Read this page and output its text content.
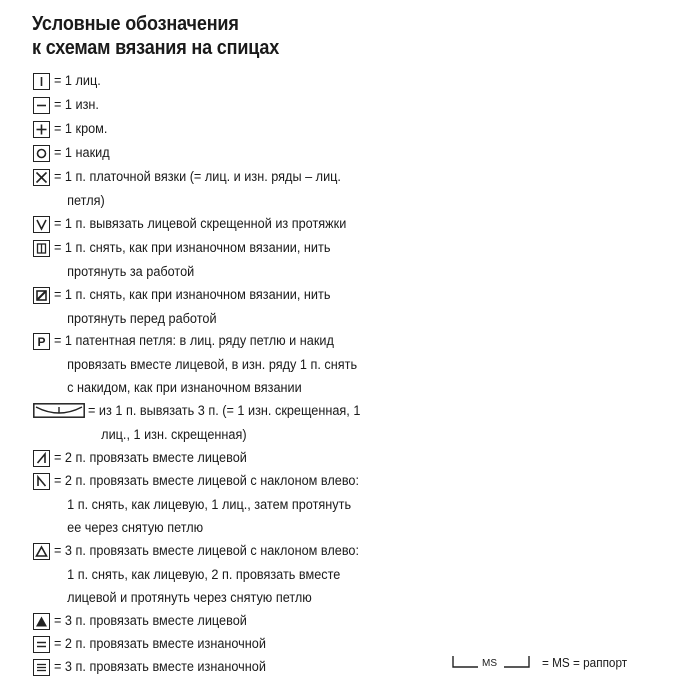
Условные обозначения
к схемам вязания на спицах
= 1 лиц.
= 1 изн.
= 1 кром.
= 1 накид
= 1 п. платочной вязки (= лиц. и изн. ряды – лиц.
петля)
= 1 п. вывязать лицевой скрещенной из протяжки
= 1 п. снять, как при изнаночном вязании, нить
протянуть за работой
= 1 п. снять, как при изнаночном вязании, нить
протянуть перед работой
P = 1 патентная петля: в лиц. ряду петлю и накид
провязать вместе лицевой, в изн. ряду 1 п. снять
с накидом, как при изнаночном вязании
= из 1 п. вывязать 3 п. (= 1 изн. скрещенная, 1
лиц., 1 изн. скрещенная)
= 2 п. провязать вместе лицевой
= 2 п. провязать вместе лицевой с наклоном влево:
1 п. снять, как лицевую, 1 лиц., затем протянуть
ее через снятую петлю
= 3 п. провязать вместе лицевой с наклоном влево:
1 п. снять, как лицевую, 2 п. провязать вместе
лицевой и протянуть через снятую петлю
= 3 п. провязать вместе лицевой
= 2 п. провязать вместе изнаночной
= 3 п. провязать вместе изнаночной	MS	= MS = раппорт
